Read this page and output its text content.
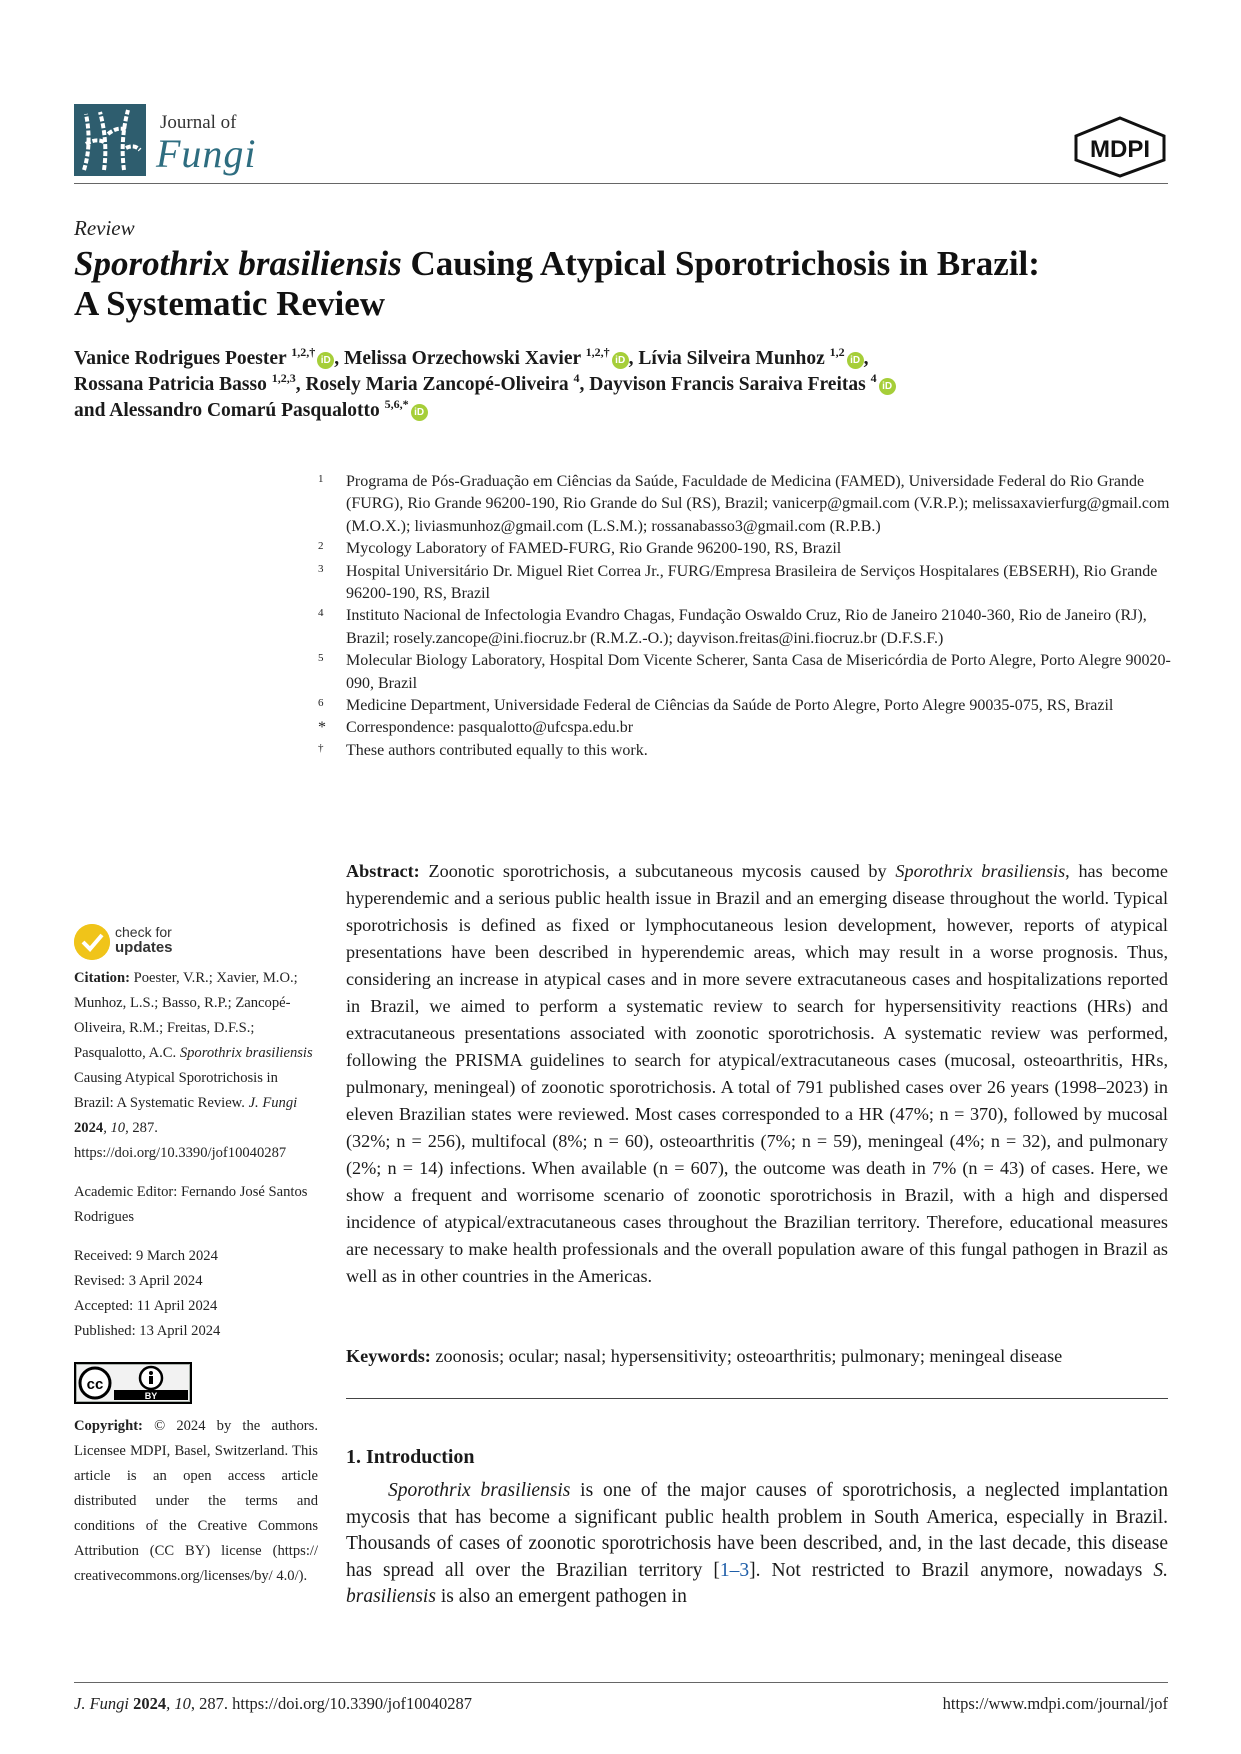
Journal of
Fungi	MDPI
Review
Sporothrix brasiliensis Causing Atypical Sporotrichosis in Brazil:
A Systematic Review
Vanice Rodrigues Poester $^{1,2,\dagger}$iD , Melissa Orzechowski Xavier $^{1,2,\dagger}$iD , Lívia Silveira Munhoz $^{1,2}$iD ,
Rossana Patricia Basso $^{1,2,3}$, Rosely Maria Zancopé-Oliveira $^4$, Dayvison Francis Saraiva Freitas $^4$iD
and Alessandro Comarú Pasqualotto $^{5,6,*}$iD
1 Programa de Pós-Graduação em Ciências da Saúde, Faculdade de Medicina (FAMED), Universidade Federal do Rio Grande (FURG), Rio Grande 96200-190, Rio Grande do Sul (RS), Brazil; vanicerp@gmail.com (V.R.P.); melissaxavierfurg@gmail.com (M.O.X.); liviasmunhoz@gmail.com (L.S.M.); rossanabasso3@gmail.com (R.P.B.)
2 Mycology Laboratory of FAMED-FURG, Rio Grande 96200-190, RS, Brazil
3 Hospital Universitário Dr. Miguel Riet Correa Jr., FURG/Empresa Brasileira de Serviços Hospitalares (EBSERH), Rio Grande 96200-190, RS, Brazil
4 Instituto Nacional de Infectologia Evandro Chagas, Fundação Oswaldo Cruz, Rio de Janeiro 21040-360, Rio de Janeiro (RJ), Brazil; rosely.zancope@ini.fiocruz.br (R.M.Z.-O.); dayvison.freitas@ini.fiocruz.br (D.F.S.F.)
5 Molecular Biology Laboratory, Hospital Dom Vicente Scherer, Santa Casa de Misericórdia de Porto Alegre, Porto Alegre 90020-090, Brazil
6 Medicine Department, Universidade Federal de Ciências da Saúde de Porto Alegre, Porto Alegre 90035-075, RS, Brazil
* Correspondence: pasqualotto@ufcspa.edu.br
† These authors contributed equally to this work.
Abstract: Zoonotic sporotrichosis, a subcutaneous mycosis caused by Sporothrix brasiliensis, has become hyperendemic and a serious public health issue in Brazil and an emerging disease throughout the world. Typical sporotrichosis is defined as fixed or lymphocutaneous lesion development, however, reports of atypical presentations have been described in hyperendemic areas, which may result in a worse prognosis. Thus, considering an increase in atypical cases and in more severe extracutaneous cases and hospitalizations reported in Brazil, we aimed to perform a systematic review to search for hypersensitivity reactions (HRs) and extracutaneous presentations associated with zoonotic sporotrichosis. A systematic review was performed, following the PRISMA guidelines to search for atypical/extracutaneous cases (mucosal, osteoarthritis, HRs, pulmonary, meningeal) of zoonotic sporotrichosis. A total of 791 published cases over 26 years (1998–2023) in eleven Brazilian states were reviewed. Most cases corresponded to a HR (47%; n = 370), followed by mucosal (32%; n = 256), multifocal (8%; n = 60), osteoarthritis (7%; n = 59), meningeal (4%; n = 32), and pulmonary (2%; n = 14) infections. When available (n = 607), the outcome was death in 7% (n = 43) of cases. Here, we show a frequent and worrisome scenario of zoonotic sporotrichosis in Brazil, with a high and dispersed incidence of atypical/extracutaneous cases throughout the Brazilian territory. Therefore, educational measures are necessary to make health professionals and the overall population aware of this fungal pathogen in Brazil as well as in other countries in the Americas.
Keywords: zoonosis; ocular; nasal; hypersensitivity; osteoarthritis; pulmonary; meningeal disease
1. Introduction
Sporothrix brasiliensis is one of the major causes of sporotrichosis, a neglected implantation mycosis that has become a significant public health problem in South America, especially in Brazil. Thousands of cases of zoonotic sporotrichosis have been described, and, in the last decade, this disease has spread all over the Brazilian territory [1–3]. Not restricted to Brazil anymore, nowadays S. brasiliensis is also an emergent pathogen in
check for
updates
Citation: Poester, V.R.; Xavier, M.O.; Munhoz, L.S.; Basso, R.P.; Zancopé-Oliveira, R.M.; Freitas, D.F.S.; Pasqualotto, A.C. Sporothrix brasiliensis Causing Atypical Sporotrichosis in Brazil: A Systematic Review. J. Fungi 2024, 10, 287. https://doi.org/10.3390/jof10040287
Academic Editor: Fernando José Santos Rodrigues
Received: 9 March 2024
Revised: 3 April 2024
Accepted: 11 April 2024
Published: 13 April 2024
cc
BY
Copyright: © 2024 by the authors. Licensee MDPI, Basel, Switzerland. This article is an open access article distributed under the terms and conditions of the Creative Commons Attribution (CC BY) license (https:// creativecommons.org/licenses/by/ 4.0/).
J. Fungi 2024, 10, 287. https://doi.org/10.3390/jof10040287	https://www.mdpi.com/journal/jof
